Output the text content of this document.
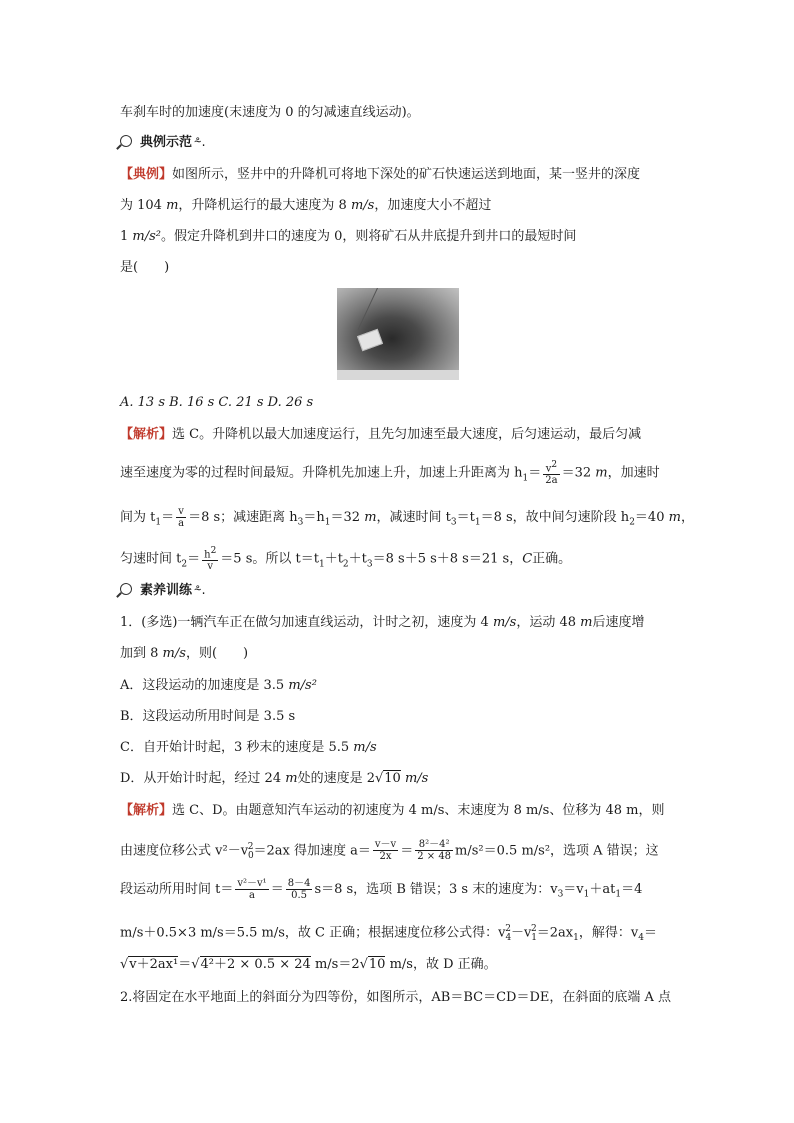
车刹车时的加速度(末速度为 0 的匀减速直线运动)。
典例示范 ⸛.
【典例】如图所示，竖井中的升降机可将地下深处的矿石快速运送到地面，某一竖井的深度
为 104 m，升降机运行的最大速度为 8 m/s，加速度大小不超过
1 m/s²。假定升降机到井口的速度为 0，则将矿石从井底提升到井口的最短时间
是(　　)
A. 13 s B. 16 s C. 21 s D. 26 s
【解析】选 C。升降机以最大加速度运行，且先匀加速至最大速度，后匀速运动，最后匀减
速至速度为零的过程时间最短。升降机先加速上升，加速上升距离为 $h_1= \frac{v^2}{2a} =32$ m，加速时
间为 $t_1= \frac{v}{a} =8$ s；减速距离 $h_3=h_1=32$ m，减速时间 $t_3=t_1=8$ s，故中间匀速阶段 $h_2=40$ m，
匀速时间 $t_2= \frac{h^2}{v} =5$ s。所以 $t=t_1+t_2+t_3=8$ s＋5 s＋8 s＝21 s，C正确。
素养训练 ⸛.
1．(多选)一辆汽车正在做匀加速直线运动，计时之初，速度为 4 m/s，运动 48 m后速度增
加到 8 m/s，则(　　)
A．这段运动的加速度是 3.5 m/s²
B．这段运动所用时间是 3.5 s
C．自开始计时起，3 秒末的速度是 5.5 m/s
D．从开始计时起，经过 24 m处的速度是 2√10 m/s
【解析】选 C、D。由题意知汽车运动的初速度为 4 m/s、末速度为 8 m/s、位移为 48 m，则
由速度位移公式 $v^2-v_0^2=2ax$ 得加速度 $a= \frac{v-v}{2x} = \frac{\text{8²－4²}}{2 \times 48} m/s^2=0.5$ m/s²，选项 A 错误；这
段运动所用时间 $t= \frac{\text{v²－v¹}}{a} = \frac{8-4}{0.5} s=8$ s，选项 B 错误；3 s 末的速度为：$v_3=v_1+at_1=4$
m/s＋0.5×3 m/s＝5.5 m/s，故 C 正确；根据速度位移公式得：$v_4^2-v_1^2=2ax_1$，解得：$v_4=$
√v＋2ax¹＝√4²＋2 × 0.5 × 24 m/s＝2√10 m/s，故 D 正确。
2.将固定在水平地面上的斜面分为四等份，如图所示，AB＝BC＝CD＝DE，在斜面的底端 A 点
